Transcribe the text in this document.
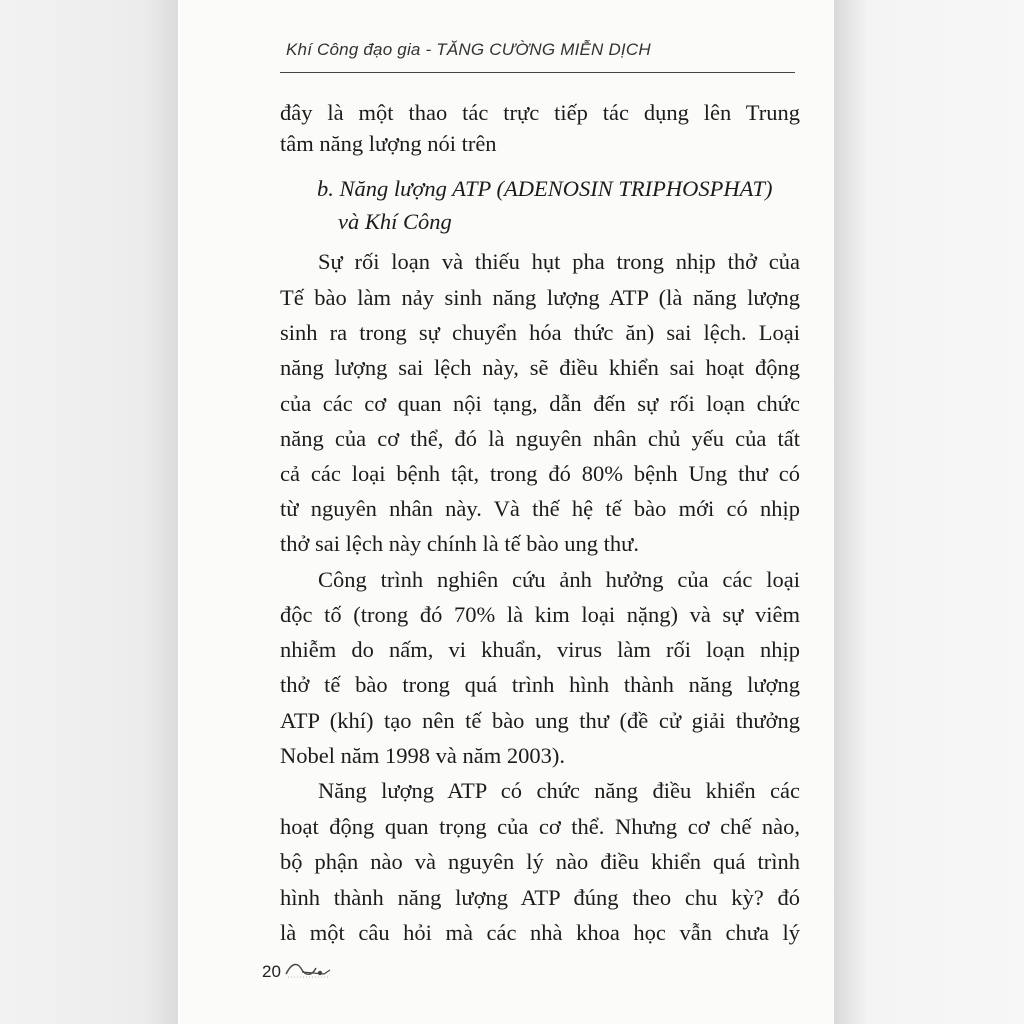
Khí Công đạo gia - TĂNG CƯỜNG MIỄN DỊCH
đây là một thao tác trực tiếp tác dụng lên Trung
tâm năng lượng nói trên
Sự rối loạn và thiếu hụt pha trong nhịp thở của
Tế bào làm nảy sinh năng lượng ATP (là năng lượng
sinh ra trong sự chuyển hóa thức ăn) sai lệch. Loại
năng lượng sai lệch này, sẽ điều khiển sai hoạt động
của các cơ quan nội tạng, dẫn đến sự rối loạn chức
năng của cơ thể, đó là nguyên nhân chủ yếu của tất
cả các loại bệnh tật, trong đó 80% bệnh Ung thư có
từ nguyên nhân này. Và thế hệ tế bào mới có nhịp
thở sai lệch này chính là tế bào ung thư.
Công trình nghiên cứu ảnh hưởng của các loại
độc tố (trong đó 70% là kim loại nặng) và sự viêm
nhiễm do nấm, vi khuẩn, virus làm rối loạn nhịp
thở tế bào trong quá trình hình thành năng lượng
ATP (khí) tạo nên tế bào ung thư (đề cử giải thưởng
Nobel năm 1998 và năm 2003).
Năng lượng ATP có chức năng điều khiển các
hoạt động quan trọng của cơ thể. Nhưng cơ chế nào,
bộ phận nào và nguyên lý nào điều khiển quá trình
hình thành năng lượng ATP đúng theo chu kỳ? đó
là một câu hỏi mà các nhà khoa học vẫn chưa lý
b. Năng lượng ATP (ADENOSIN TRIPHOSPHAT)
và Khí Công
20
